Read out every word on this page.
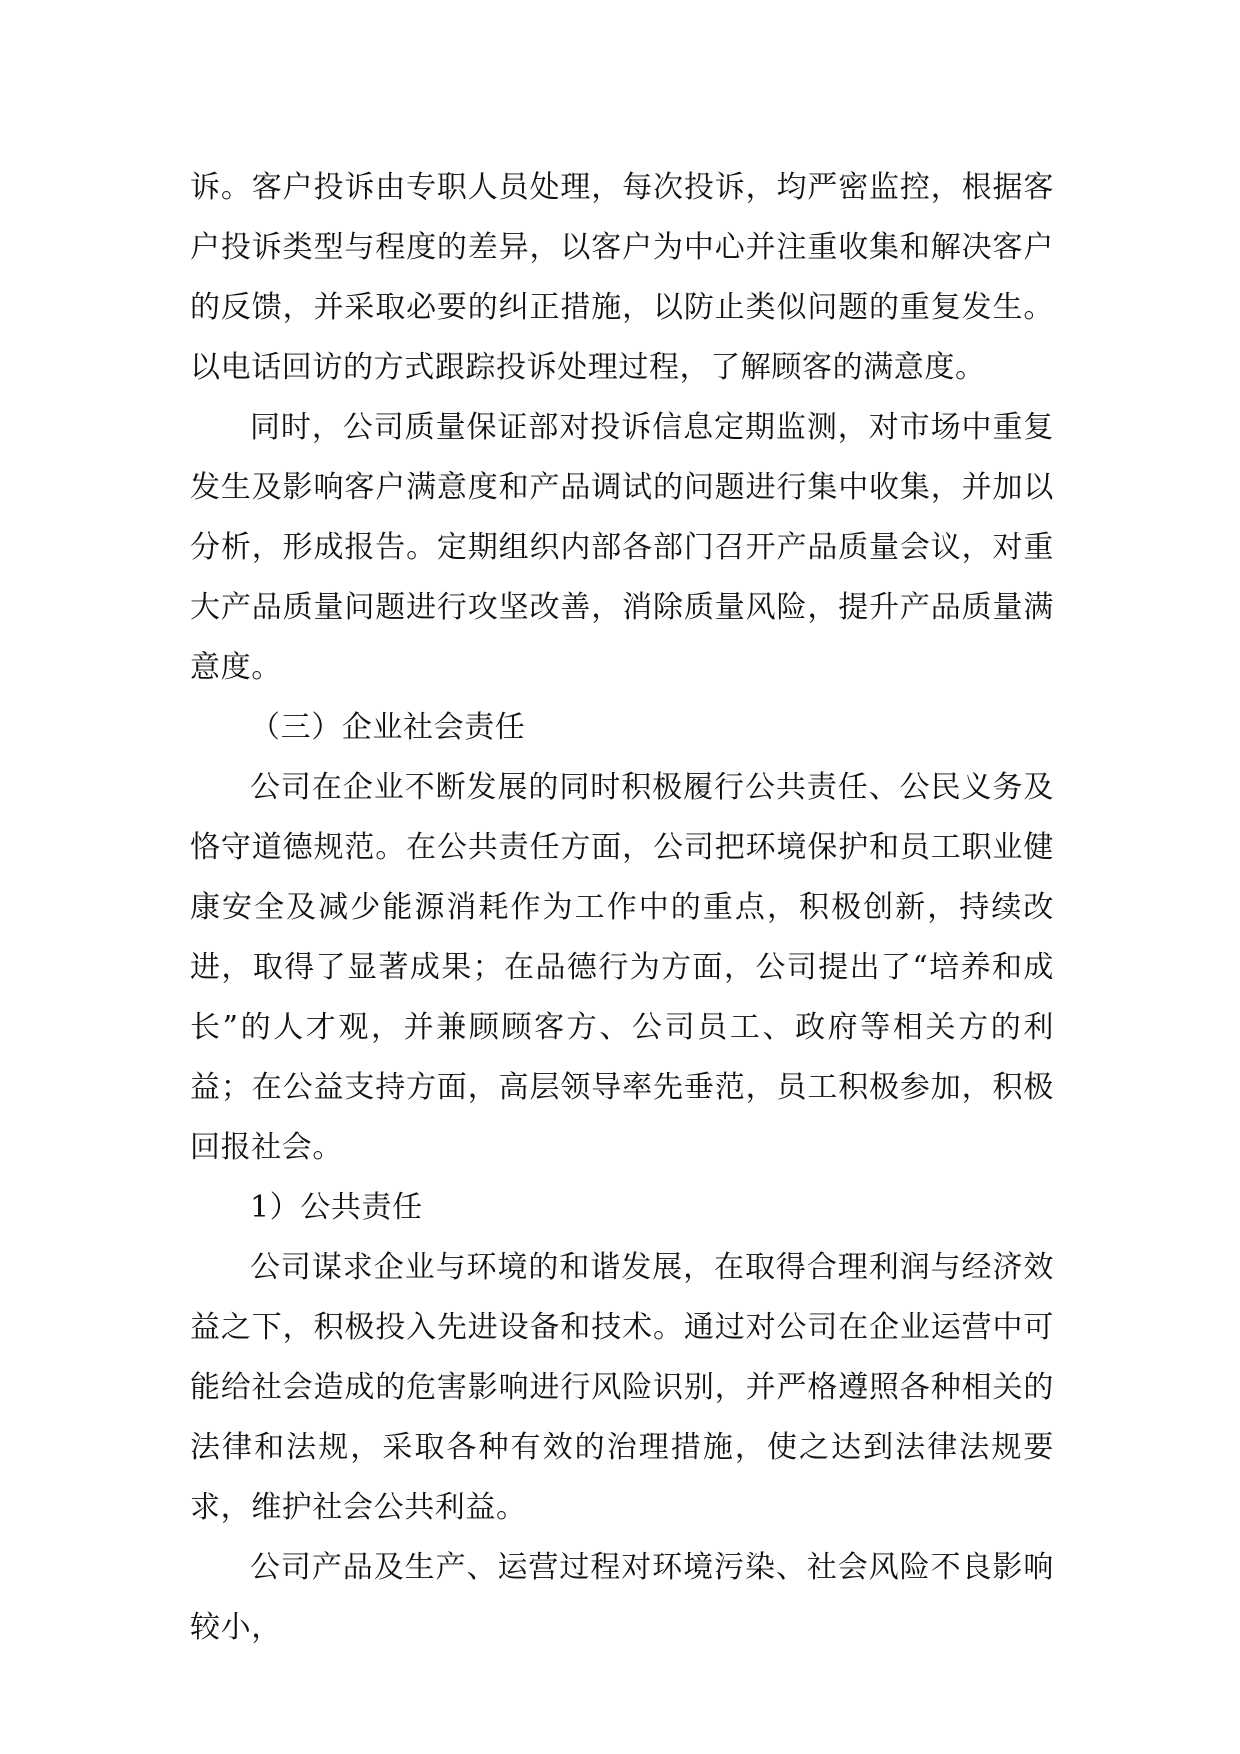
诉。客户投诉由专职人员处理，每次投诉，均严密监控，根据客户投诉类型与程度的差异，以客户为中心并注重收集和解决客户的反馈，并采取必要的纠正措施，以防止类似问题的重复发生。以电话回访的方式跟踪投诉处理过程，了解顾客的满意度。

同时，公司质量保证部对投诉信息定期监测，对市场中重复发生及影响客户满意度和产品调试的问题进行集中收集，并加以分析，形成报告。定期组织内部各部门召开产品质量会议，对重大产品质量问题进行攻坚改善，消除质量风险，提升产品质量满意度。

（三）企业社会责任

公司在企业不断发展的同时积极履行公共责任、公民义务及恪守道德规范。在公共责任方面，公司把环境保护和员工职业健康安全及减少能源消耗作为工作中的重点，积极创新，持续改进，取得了显著成果；在品德行为方面，公司提出了“培养和成长”的人才观，并兼顾顾客方、公司员工、政府等相关方的利益；在公益支持方面，高层领导率先垂范，员工积极参加，积极回报社会。

1）公共责任

公司谋求企业与环境的和谐发展，在取得合理利润与经济效益之下，积极投入先进设备和技术。通过对公司在企业运营中可能给社会造成的危害影响进行风险识别，并严格遵照各种相关的法律和法规，采取各种有效的治理措施，使之达到法律法规要求，维护社会公共利益。

公司产品及生产、运营过程对环境污染、社会风险不良影响较小，
